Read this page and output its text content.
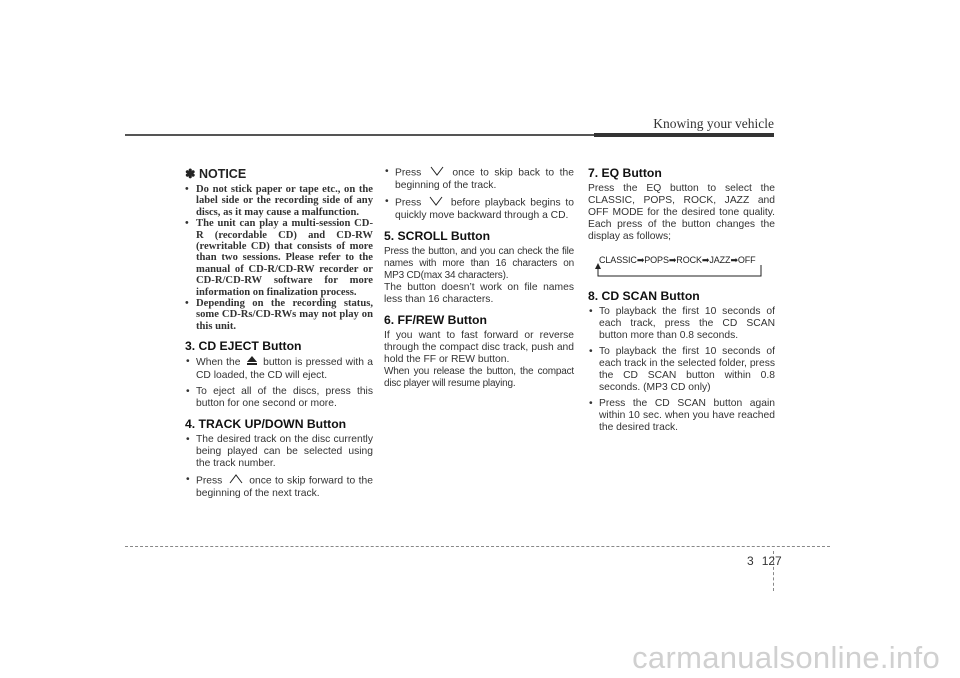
Knowing your vehicle
✽ NOTICE
• Do not stick paper or tape etc., on the label side or the recording side of any discs, as it may cause a malfunction.
• The unit can play a multi-session CD-R (recordable CD) and CD-RW (rewritable CD) that consists of more than two sessions. Please refer to the manual of CD-R/CD-RW recorder or CD-R/CD-RW software for more information on finalization process.
• Depending on the recording status, some CD-Rs/CD-RWs may not play on this unit.
3. CD EJECT Button
• When the button is pressed with a CD loaded, the CD will eject.
• To eject all of the discs, press this button for one second or more.
4. TRACK UP/DOWN Button
• The desired track on the disc currently being played can be selected using the track number.
• Press	once to skip forward to the beginning of the next track.
• Press	once to skip back to the beginning of the track.
• Press	before playback begins to quickly move backward through a CD.
5. SCROLL Button

Press the button, and you can check the file names with more than 16 characters on MP3 CD(max 34 characters).

The button doesn’t work on file names less than 16 characters.

6. FF/REW Button

If you want to fast forward or reverse through the compact disc track, push and hold the FF or REW button.

When you release the button, the compact disc player will resume playing.

7. EQ Button

Press the EQ button to select the CLASSIC, POPS, ROCK, JAZZ and OFF MODE for the desired tone quality. Each press of the button changes the display as follows;

CLASSIC➡POPS➡ROCK➡JAZZ➡OFF
8. CD SCAN Button
• To playback the first 10 seconds of each track, press the CD SCAN button more than 0.8 seconds.
• To playback the first 10 seconds of each track in the selected folder, press the CD SCAN button within 0.8 seconds. (MP3 CD only)
• Press the CD SCAN button again within 10 sec. when you have reached the desired track.
3 127
carmanualsonline.info
